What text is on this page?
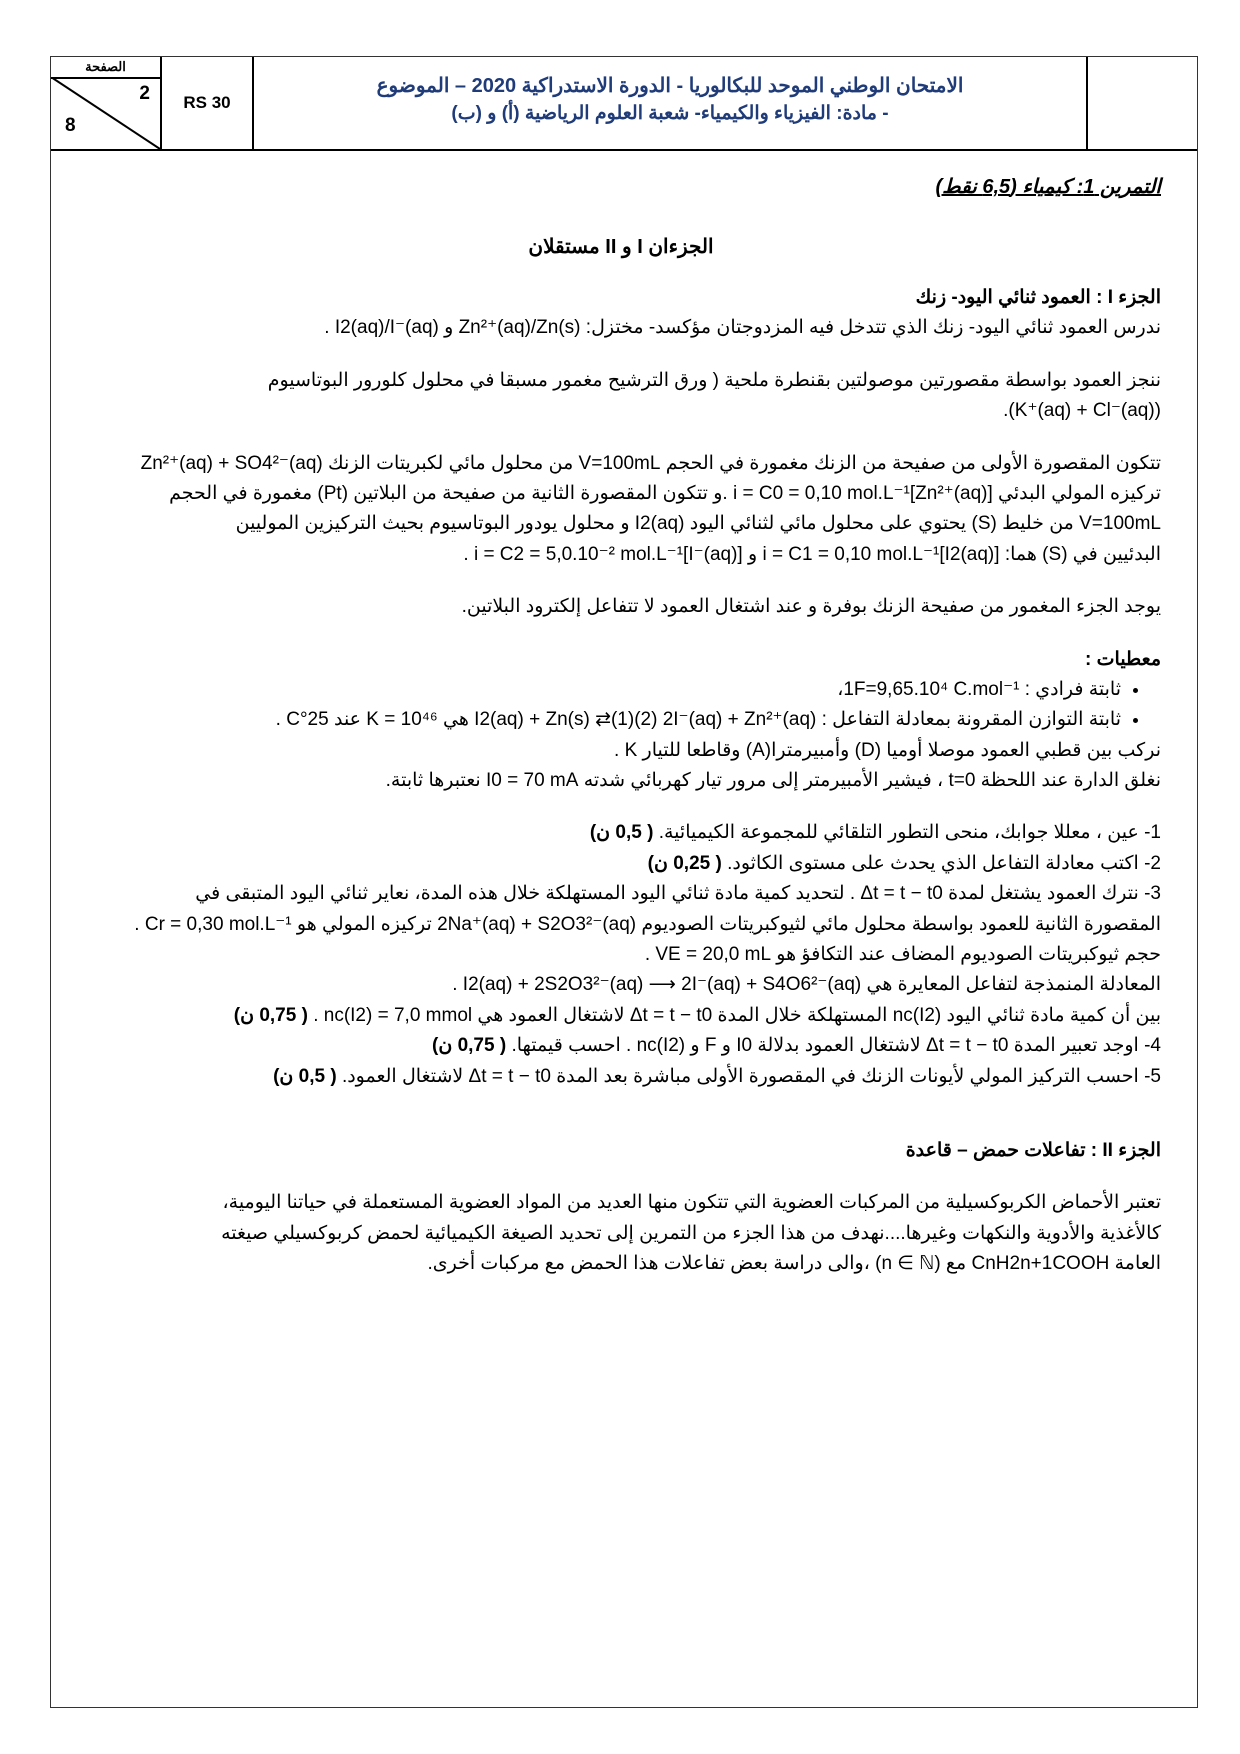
الصفحة
2
8
RS 30
الامتحان الوطني الموحد للبكالوريا - الدورة الاستدراكية 2020 – الموضوع
- مادة: الفيزياء والكيمياء- شعبة العلوم الرياضية (أ) و (ب)

التمرين 1: كيمياء (6,5 نقط)

الجزءان I و II مستقلان

الجزء I : العمود ثنائي اليود- زنك

ندرس العمود ثنائي اليود- زنك الذي تتدخل فيه المزدوجتان مؤكسد- مختزل: Zn²⁺(aq)/Zn(s) و I2(aq)/I⁻(aq) .

ننجز العمود بواسطة مقصورتين موصولتين بقنطرة ملحية ( ورق الترشيح مغمور مسبقا في محلول كلورور البوتاسيوم

(K⁺(aq) + Cl⁻(aq)).

تتكون المقصورة الأولى من صفيحة من الزنك مغمورة في الحجم V=100mL من محلول مائي لكبريتات الزنك Zn²⁺(aq) + SO4²⁻(aq)

تركيزه المولي البدئي [Zn²⁺(aq)]i = C0 = 0,10 mol.L⁻¹ .و تتكون المقصورة الثانية من صفيحة من البلاتين (Pt) مغمورة في الحجم

V=100mL من خليط (S) يحتوي على محلول مائي لثنائي اليود I2(aq) و محلول يودور البوتاسيوم بحيث التركيزين الموليين

البدئيين في (S) هما: [I2(aq)]i = C1 = 0,10 mol.L⁻¹ و [I⁻(aq)]i = C2 = 5,0.10⁻² mol.L⁻¹ .

يوجد الجزء المغمور من صفيحة الزنك بوفرة و عند اشتغال العمود لا تتفاعل إلكترود البلاتين.

معطيات :

• ثابتة فرادي : 1F=9,65.10⁴ C.mol⁻¹،
• ثابتة التوازن المقرونة بمعادلة التفاعل : I2(aq) + Zn(s) ⇄(1)(2) 2I⁻(aq) + Zn²⁺(aq) هي K = 10⁴⁶ عند 25°C .

نركب بين قطبي العمود موصلا أوميا (D) وأمبيرمترا(A) وقاطعا للتيار K .

نغلق الدارة عند اللحظة t=0 ، فيشير الأمبيرمتر إلى مرور تيار كهربائي شدته I0 = 70 mA نعتبرها ثابتة.

1- عين ، معللا جوابك، منحى التطور التلقائي للمجموعة الكيميائية. ( 0,5 ن)

2- اكتب معادلة التفاعل الذي يحدث على مستوى الكاثود. ( 0,25 ن)

3- نترك العمود يشتغل لمدة Δt = t − t0 . لتحديد كمية مادة ثنائي اليود المستهلكة خلال هذه المدة، نعاير ثنائي اليود المتبقى في

المقصورة الثانية للعمود بواسطة محلول مائي لثيوكبريتات الصوديوم 2Na⁺(aq) + S2O3²⁻(aq) تركيزه المولي هو Cr = 0,30 mol.L⁻¹ .

حجم ثيوكبريتات الصوديوم المضاف عند التكافؤ هو VE = 20,0 mL .

المعادلة المنمذجة لتفاعل المعايرة هي I2(aq) + 2S2O3²⁻(aq) ⟶ 2I⁻(aq) + S4O6²⁻(aq) .

بين أن كمية مادة ثنائي اليود nc(I2) المستهلكة خلال المدة Δt = t − t0 لاشتغال العمود هي nc(I2) = 7,0 mmol . ( 0,75 ن)

4- اوجد تعبير المدة Δt = t − t0 لاشتغال العمود بدلالة I0 و F و nc(I2) . احسب قيمتها. ( 0,75 ن)

5- احسب التركيز المولي لأيونات الزنك في المقصورة الأولى مباشرة بعد المدة Δt = t − t0 لاشتغال العمود. ( 0,5 ن)

الجزء II : تفاعلات حمض – قاعدة

تعتبر الأحماض الكربوكسيلية من المركبات العضوية التي تتكون منها العديد من المواد العضوية المستعملة في حياتنا اليومية،

كالأغذية والأدوية والنكهات وغيرها....نهدف من هذا الجزء من التمرين إلى تحديد الصيغة الكيميائية لحمض كربوكسيلي صيغته

العامة CnH2n+1COOH مع (n ∈ ℕ) ،والى دراسة بعض تفاعلات هذا الحمض مع مركبات أخرى.
